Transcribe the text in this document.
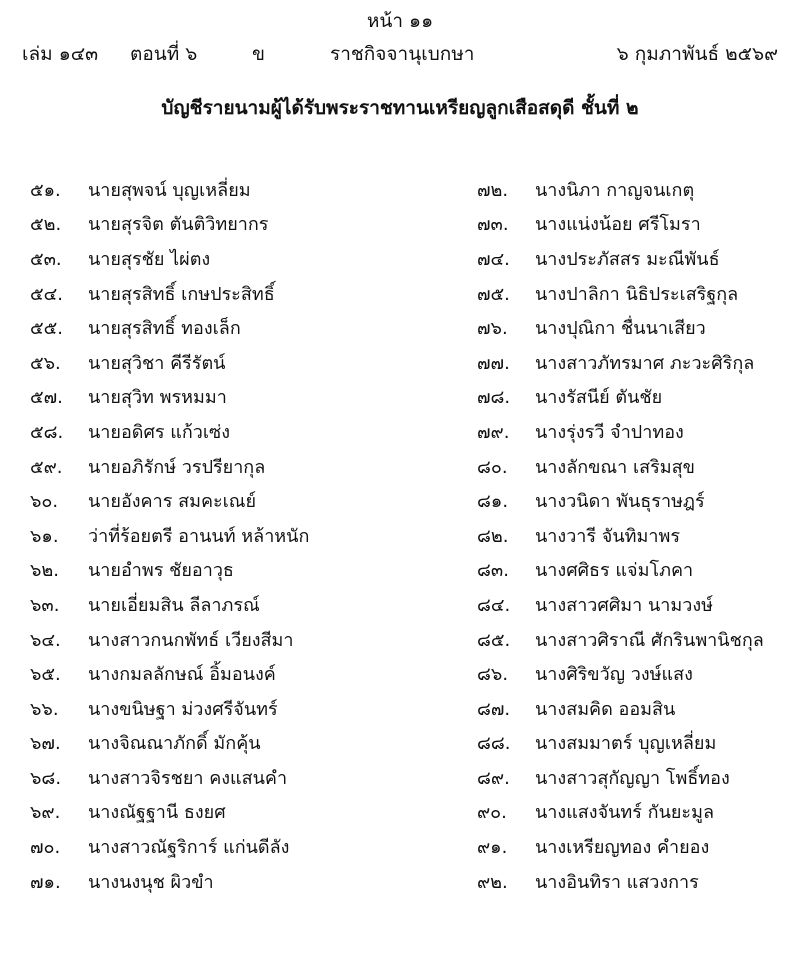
หน้า ๑๑
เล่ม ๑๔๓ ตอนที่ ๖	ข	ราชกิจจานุเบกษา	๖ กุมภาพันธ์ ๒๕๖๙
บัญชีรายนามผู้ได้รับพระราชทานเหรียญลูกเสือสดุดี ชั้นที่ ๒
๕๑.	นายสุพจน์ บุญเหลี่ยม
๕๒.	นายสุรจิต ตันติวิทยากร
๕๓.	นายสุรชัย ไผ่ตง
๕๔.	นายสุรสิทธิ์ เกษประสิทธิ์
๕๕.	นายสุรสิทธิ์ ทองเล็ก
๕๖.	นายสุวิชา คีรีรัตน์
๕๗.	นายสุวิท พรหมมา
๕๘.	นายอดิศร แก้วเซ่ง
๕๙.	นายอภิรักษ์ วรปรียากุล
๖๐.	นายอังคาร สมคะเณย์
๖๑.	ว่าที่ร้อยตรี อานนท์ หล้าหนัก
๖๒.	นายอำพร ชัยอาวุธ
๖๓.	นายเอี่ยมสิน ลีลาภรณ์
๖๔.	นางสาวกนกพัทธ์ เวียงสีมา
๖๕.	นางกมลลักษณ์ อิ้มอนงค์
๖๖.	นางขนิษฐา ม่วงศรีจันทร์
๖๗.	นางจิณณาภักดิ์ มักคุ้น
๖๘.	นางสาวจิรชยา คงแสนคำ
๖๙.	นางณัฐฐานี ธงยศ
๗๐.	นางสาวณัฐริการ์ แก่นดีลัง
๗๑.	นางนงนุช ผิวขำ
๗๒.	นางนิภา กาญจนเกตุ
๗๓.	นางแน่งน้อย ศรีโมรา
๗๔.	นางประภัสสร มะณีพันธ์
๗๕.	นางปาลิกา นิธิประเสริฐกุล
๗๖.	นางปุณิกา ชื่นนาเสียว
๗๗.	นางสาวภัทรมาศ ภะวะศิริกุล
๗๘.	นางรัสนีย์ ตันชัย
๗๙.	นางรุ่งรวี จำปาทอง
๘๐.	นางลักขณา เสริมสุข
๘๑.	นางวนิดา พันธุราษฎร์
๘๒.	นางวารี จันทิมาพร
๘๓.	นางศศิธร แจ่มโภคา
๘๔.	นางสาวศศิมา นามวงษ์
๘๕.	นางสาวศิราณี ศักรินพานิชกุล
๘๖.	นางศิริขวัญ วงษ์แสง
๘๗.	นางสมคิด ออมสิน
๘๘.	นางสมมาตร์ บุญเหลี่ยม
๘๙.	นางสาวสุกัญญา โพธิ์ทอง
๙๐.	นางแสงจันทร์ กันยะมูล
๙๑.	นางเหรียญทอง คำยอง
๙๒.	นางอินทิรา แสวงการ
